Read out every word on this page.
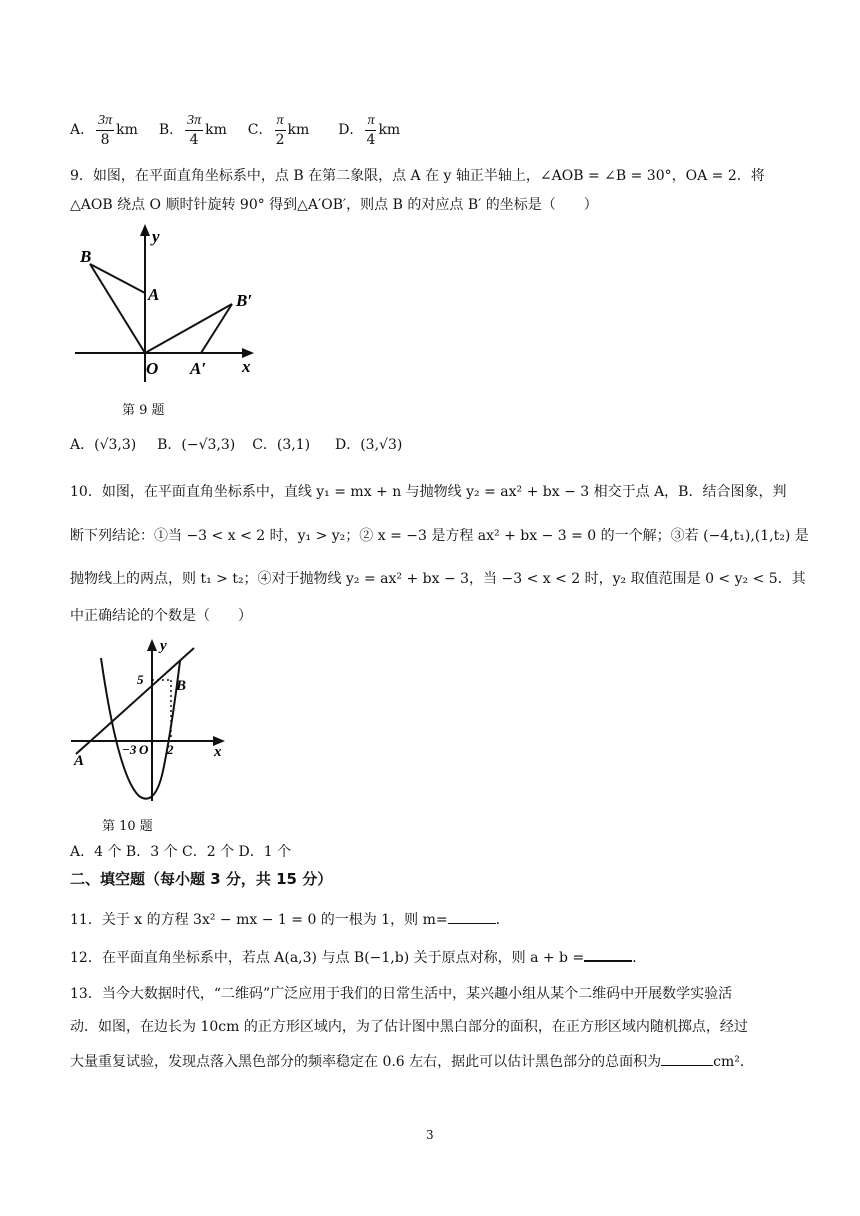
A． $\frac{3\pi}{8}$ km B． $\frac{3\pi}{4}$ km C． $\frac{\pi}{2}$ km D． $\frac{\pi}{4}$ km
9．如图，在平面直角坐标系中，点 B 在第二象限，点 A 在 y 轴正半轴上，∠AOB = ∠B = 30°，OA = 2．将
△AOB 绕点 O 顺时针旋转 90° 得到△A′OB′，则点 B 的对应点 B′ 的坐标是（　　）
B
y
A	B′
O A′ x
第 9 题
A．(√3,3) B．(−√3,3) C．(3,1) D．(3,√3)
10．如图，在平面直角坐标系中，直线 y₁ = mx + n 与抛物线 y₂ = ax² + bx − 3 相交于点 A，B．结合图象，判
断下列结论：①当 −3 < x < 2 时，y₁ > y₂；② x = −3 是方程 ax² + bx − 3 = 0 的一个解；③若 (−4,t₁),(1,t₂) 是
抛物线上的两点，则 t₁ > t₂；④对于抛物线 y₂ = ax² + bx − 3，当 −3 < x < 2 时，y₂ 取值范围是 0 < y₂ < 5．其
中正确结论的个数是（　　）
y
5 B
A
−3 O 2	x
第 10 题
A．4 个 B．3 个 C．2 个 D．1 个
二、填空题（每小题 3 分，共 15 分）
11．关于 x 的方程 3x² − mx − 1 = 0 的一根为 1，则 m=	．
12．在平面直角坐标系中，若点 A(a,3) 与点 B(−1,b) 关于原点对称，则 a + b =	．
13．当今大数据时代，“二维码”广泛应用于我们的日常生活中，某兴趣小组从某个二维码中开展数学实验活
动．如图，在边长为 10cm 的正方形区域内，为了估计图中黑白部分的面积，在正方形区域内随机掷点，经过
大量重复试验，发现点落入黑色部分的频率稳定在 0.6 左右，据此可以估计黑色部分的总面积为	cm²．
3
